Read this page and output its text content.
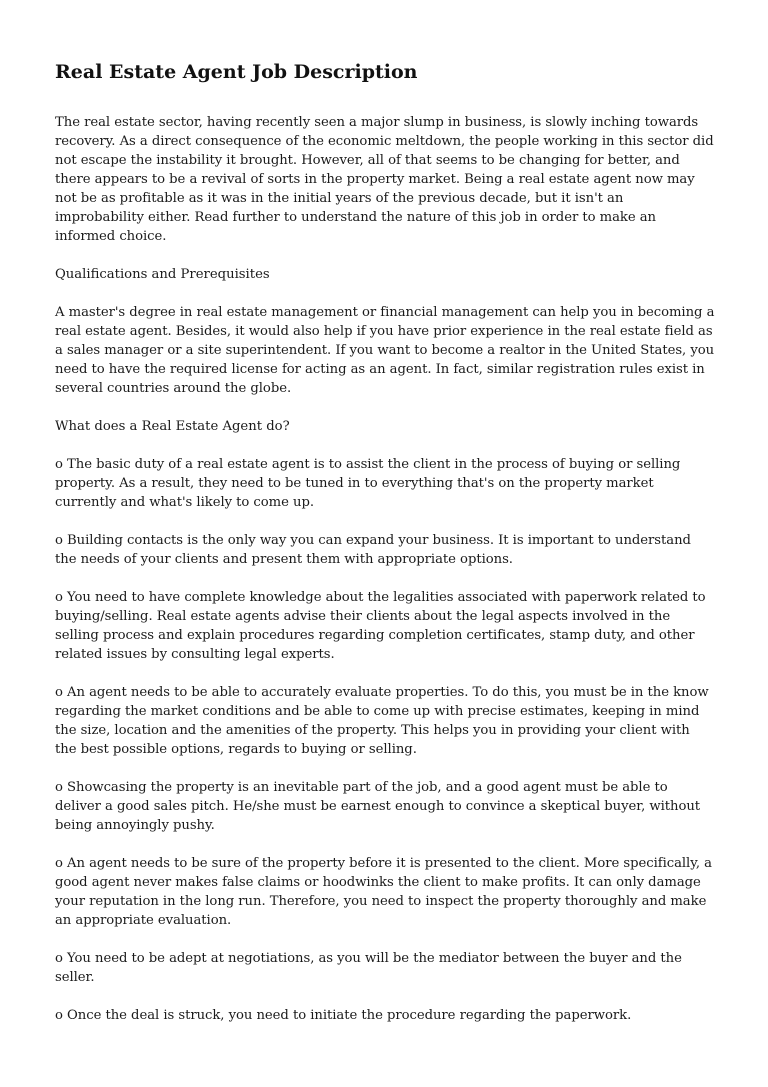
Real Estate Agent Job Description

The real estate sector, having recently seen a major slump in business, is slowly inching towards recovery. As a direct consequence of the economic meltdown, the people working in this sector did not escape the instability it brought. However, all of that seems to be changing for better, and there appears to be a revival of sorts in the property market. Being a real estate agent now may not be as profitable as it was in the initial years of the previous decade, but it isn't an improbability either. Read further to understand the nature of this job in order to make an informed choice.

Qualifications and Prerequisites

A master's degree in real estate management or financial management can help you in becoming a real estate agent. Besides, it would also help if you have prior experience in the real estate field as a sales manager or a site superintendent. If you want to become a realtor in the United States, you need to have the required license for acting as an agent. In fact, similar registration rules exist in several countries around the globe.

What does a Real Estate Agent do?

o The basic duty of a real estate agent is to assist the client in the process of buying or selling property. As a result, they need to be tuned in to everything that's on the property market currently and what's likely to come up.

o Building contacts is the only way you can expand your business. It is important to understand the needs of your clients and present them with appropriate options.

o You need to have complete knowledge about the legalities associated with paperwork related to buying/selling. Real estate agents advise their clients about the legal aspects involved in the selling process and explain procedures regarding completion certificates, stamp duty, and other related issues by consulting legal experts.

o An agent needs to be able to accurately evaluate properties. To do this, you must be in the know regarding the market conditions and be able to come up with precise estimates, keeping in mind the size, location and the amenities of the property. This helps you in providing your client with the best possible options, regards to buying or selling.

o Showcasing the property is an inevitable part of the job, and a good agent must be able to deliver a good sales pitch. He/she must be earnest enough to convince a skeptical buyer, without being annoyingly pushy.

o An agent needs to be sure of the property before it is presented to the client. More specifically, a good agent never makes false claims or hoodwinks the client to make profits. It can only damage your reputation in the long run. Therefore, you need to inspect the property thoroughly and make an appropriate evaluation.

o You need to be adept at negotiations, as you will be the mediator between the buyer and the seller.

o Once the deal is struck, you need to initiate the procedure regarding the paperwork.
